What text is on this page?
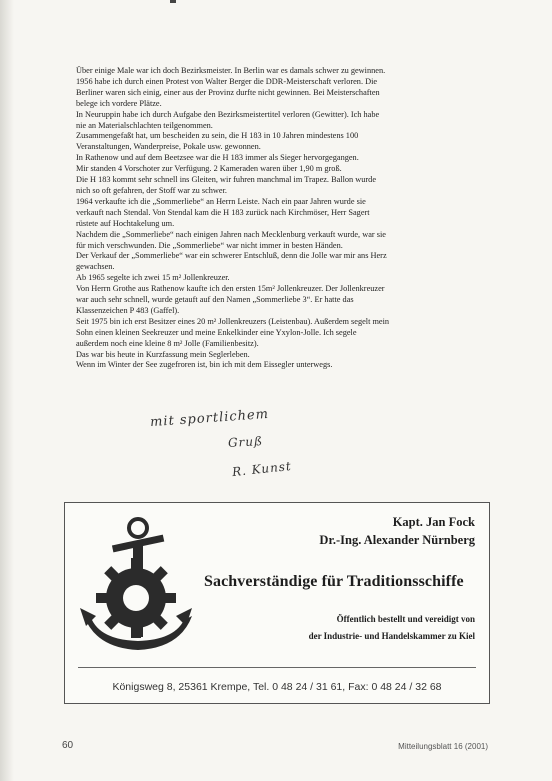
Über einige Male war ich doch Bezirksmeister. In Berlin war es damals schwer zu gewinnen.

1956 habe ich durch einen Protest von Walter Berger die DDR-Meisterschaft verloren. Die

Berliner waren sich einig, einer aus der Provinz durfte nicht gewinnen. Bei Meisterschaften

belege ich vordere Plätze.

In Neuruppin habe ich durch Aufgabe den Bezirksmeistertitel verloren (Gewitter). Ich habe

nie an Materialschlachten teilgenommen.

Zusammengefaßt hat, um bescheiden zu sein, die H 183 in 10 Jahren mindestens 100

Veranstaltungen, Wanderpreise, Pokale usw. gewonnen.

In Rathenow und auf dem Beetzsee war die H 183 immer als Sieger hervorgegangen.

Mir standen 4 Vorschoter zur Verfügung. 2 Kameraden waren über 1,90 m groß.

Die H 183 kommt sehr schnell ins Gleiten, wir fuhren manchmal im Trapez. Ballon wurde

nich so oft gefahren, der Stoff war zu schwer.

1964 verkaufte ich die „Sommerliebe“ an Herrn Leiste. Nach ein paar Jahren wurde sie

verkauft nach Stendal. Von Stendal kam die H 183 zurück nach Kirchmöser, Herr Sagert

rüstete auf Hochtakelung um.

Nachdem die „Sommerliebe“ nach einigen Jahren nach Mecklenburg verkauft wurde, war sie

für mich verschwunden. Die „Sommerliebe“ war nicht immer in besten Händen.

Der Verkauf der „Sommerliebe“ war ein schwerer Entschluß, denn die Jolle war mir ans Herz

gewachsen.

Ab 1965 segelte ich zwei 15 m² Jollenkreuzer.

Von Herrn Grothe aus Rathenow kaufte ich den ersten 15m² Jollenkreuzer. Der Jollenkreuzer

war auch sehr schnell, wurde getauft auf den Namen „Sommerliebe 3“. Er hatte das

Klassenzeichen P 483 (Gaffel).

Seit 1975 bin ich erst Besitzer eines 20 m² Jollenkreuzers (Leistenbau). Außerdem segelt mein

Sohn einen kleinen Seekreuzer und meine Enkelkinder eine Yxylon-Jolle. Ich segele

außerdem noch eine kleine 8 m² Jolle (Familienbesitz).

Das war bis heute in Kurzfassung mein Seglerleben.

Wenn im Winter der See zugefroren ist, bin ich mit dem Eissegler unterwegs.

mit sportlichem
Gruß
R. Kunst
Kapt. Jan Fock
Dr.-Ing. Alexander Nürnberg
Sachverständige für Traditionsschiffe
Öffentlich bestellt und vereidigt von
der Industrie- und Handelskammer zu Kiel
Königsweg 8, 25361 Krempe, Tel. 0 48 24 / 31 61, Fax: 0 48 24 / 32 68
60	Mitteilungsblatt 16 (2001)
